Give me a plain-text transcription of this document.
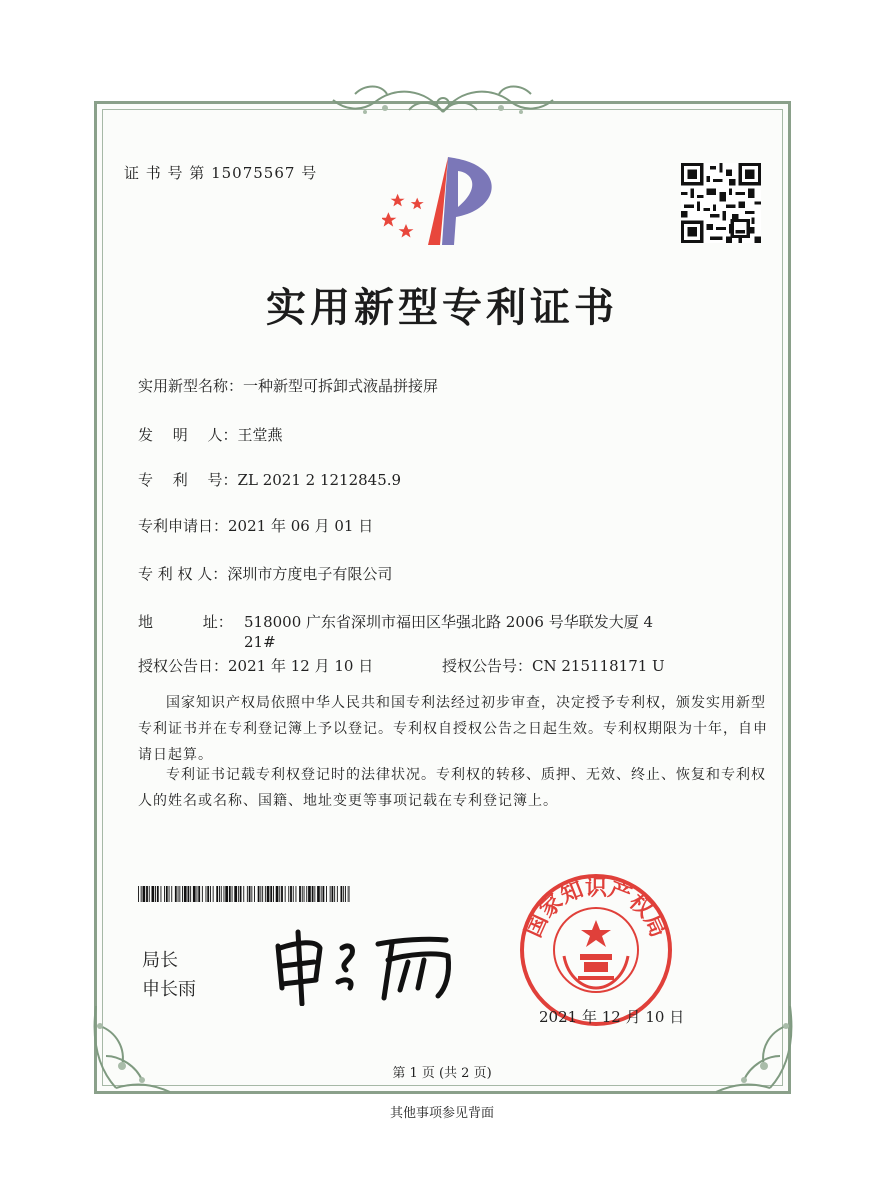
证 书 号 第 15075567 号
实用新型专利证书
实用新型名称：一种新型可拆卸式液晶拼接屏
发　 明　 人：王堂燕
专　 利　 号：ZL 2021 2 1212845.9
专利申请日：2021 年 06 月 01 日
专 利 权 人：深圳市方度电子有限公司
地　　　 址： 518000 广东省深圳市福田区华强北路 2006 号华联发大厦 4 21#
授权公告日：2021 年 12 月 10 日	授权公告号：CN 215118171 U
国家知识产权局依照中华人民共和国专利法经过初步审查，决定授予专利权，颁发实用新型专利证书并在专利登记簿上予以登记。专利权自授权公告之日起生效。专利权期限为十年，自申请日起算。
专利证书记载专利权登记时的法律状况。专利权的转移、质押、无效、终止、恢复和专利权人的姓名或名称、国籍、地址变更等事项记载在专利登记簿上。
局长
申长雨
国家知识产权局
2021 年 12 月 10 日
第 1 页 (共 2 页)
其他事项参见背面
